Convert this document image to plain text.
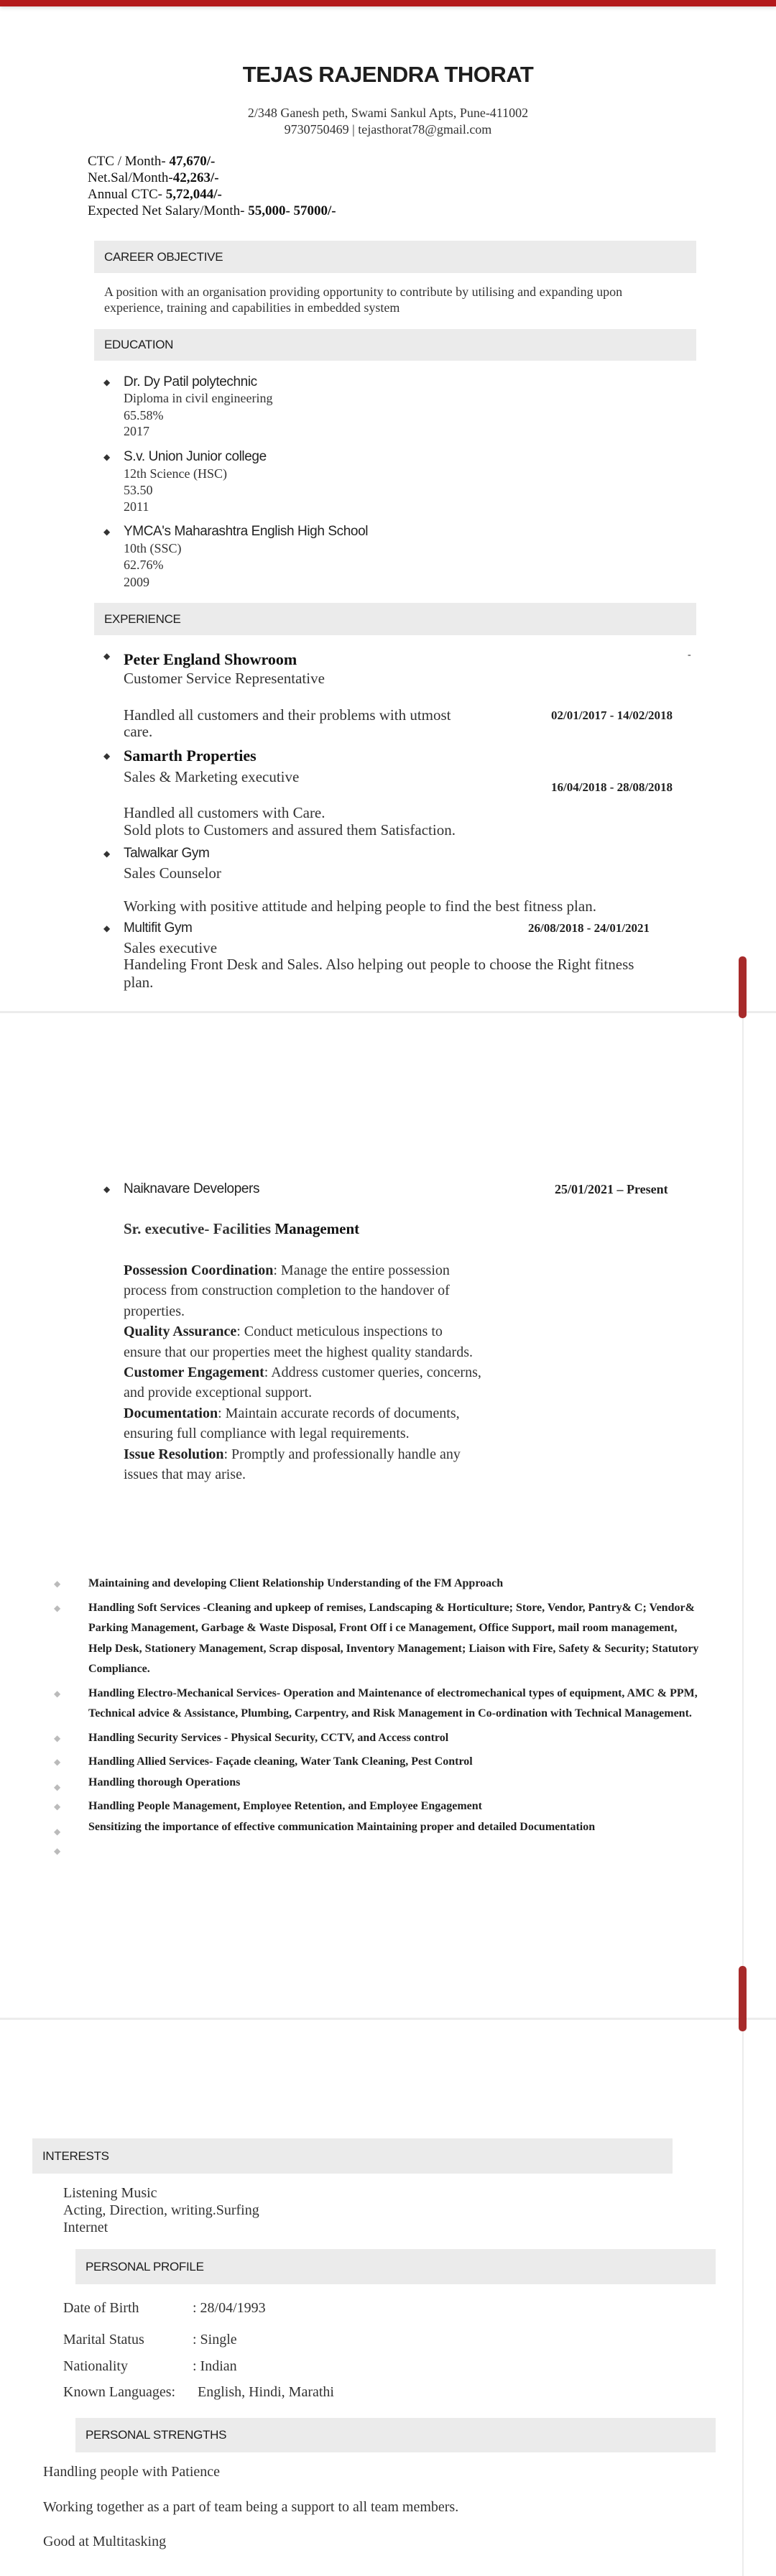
TEJAS RAJENDRA THORAT
2/348 Ganesh peth, Swami Sankul Apts, Pune-411002
9730750469 | tejasthorat78@gmail.com
CTC / Month- 47,670/-
Net.Sal/Month-42,263/-
Annual CTC- 5,72,044/-
Expected Net Salary/Month- 55,000- 57000/-
CAREER OBJECTIVE
A position with an organisation providing opportunity to contribute by utilising and expanding upon
experience, training and capabilities in embedded system
EDUCATION
◆ Dr. Dy Patil polytechnic
Diploma in civil engineering
65.58%
2017
◆ S.v. Union Junior college
12th Science (HSC)
53.50
2011
◆ YMCA's Maharashtra English High School
10th (SSC)
62.76%
2009
EXPERIENCE
◆ Peter England Showroom	-
Customer Service Representative
Handled all customers and their problems with utmost
care.
02/01/2017 - 14/02/2018
◆ Samarth Properties
Sales & Marketing executive
16/04/2018 - 28/08/2018
Handled all customers with Care.
Sold plots to Customers and assured them Satisfaction.
◆ Talwalkar Gym
Sales Counselor
Working with positive attitude and helping people to find the best fitness plan.
◆ Multifit Gym	26/08/2018 - 24/01/2021
Sales executive
Handeling Front Desk and Sales. Also helping out people to choose the Right fitness
plan.
◆ Naiknavare Developers	25/01/2021 – Present
Sr. executive- Facilities Management
Possession Coordination: Manage the entire possession process from construction completion to the handover of properties.
Quality Assurance: Conduct meticulous inspections to ensure that our properties meet the highest quality standards.
Customer Engagement: Address customer queries, concerns, and provide exceptional support.
Documentation: Maintain accurate records of documents, ensuring full compliance with legal requirements.
Issue Resolution: Promptly and professionally handle any issues that may arise.
◆ Maintaining and developing Client Relationship Understanding of the FM Approach
◆ Handling Soft Services -Cleaning and upkeep of remises, Landscaping & Horticulture; Store, Vendor, Pantry& C; Vendor& Parking Management, Garbage & Waste Disposal, Front Off i ce Management, Office Support, mail room management, Help Desk, Stationery Management, Scrap disposal, Inventory Management; Liaison with Fire, Safety & Security; Statutory Compliance.
◆ Handling Electro-Mechanical Services- Operation and Maintenance of electromechanical types of equipment, AMC & PPM, Technical advice & Assistance, Plumbing, Carpentry, and Risk Management in Co-ordination with Technical Management.
◆ Handling Security Services - Physical Security, CCTV, and Access control
◆ Handling Allied Services- Façade cleaning, Water Tank Cleaning, Pest Control
◆ Handling thorough Operations
◆ Handling People Management, Employee Retention, and Employee Engagement
◆ Sensitizing the importance of effective communication Maintaining proper and detailed Documentation
◆
INTERESTS
Listening Music
Acting, Direction, writing.Surfing
Internet
PERSONAL PROFILE
Date of Birth	: 28/04/1993
Marital Status	: Single
Nationality	: Indian
Known Languages: English, Hindi, Marathi
PERSONAL STRENGTHS
Handling people with Patience
Working together as a part of team being a support to all team members.
Good at Multitasking
